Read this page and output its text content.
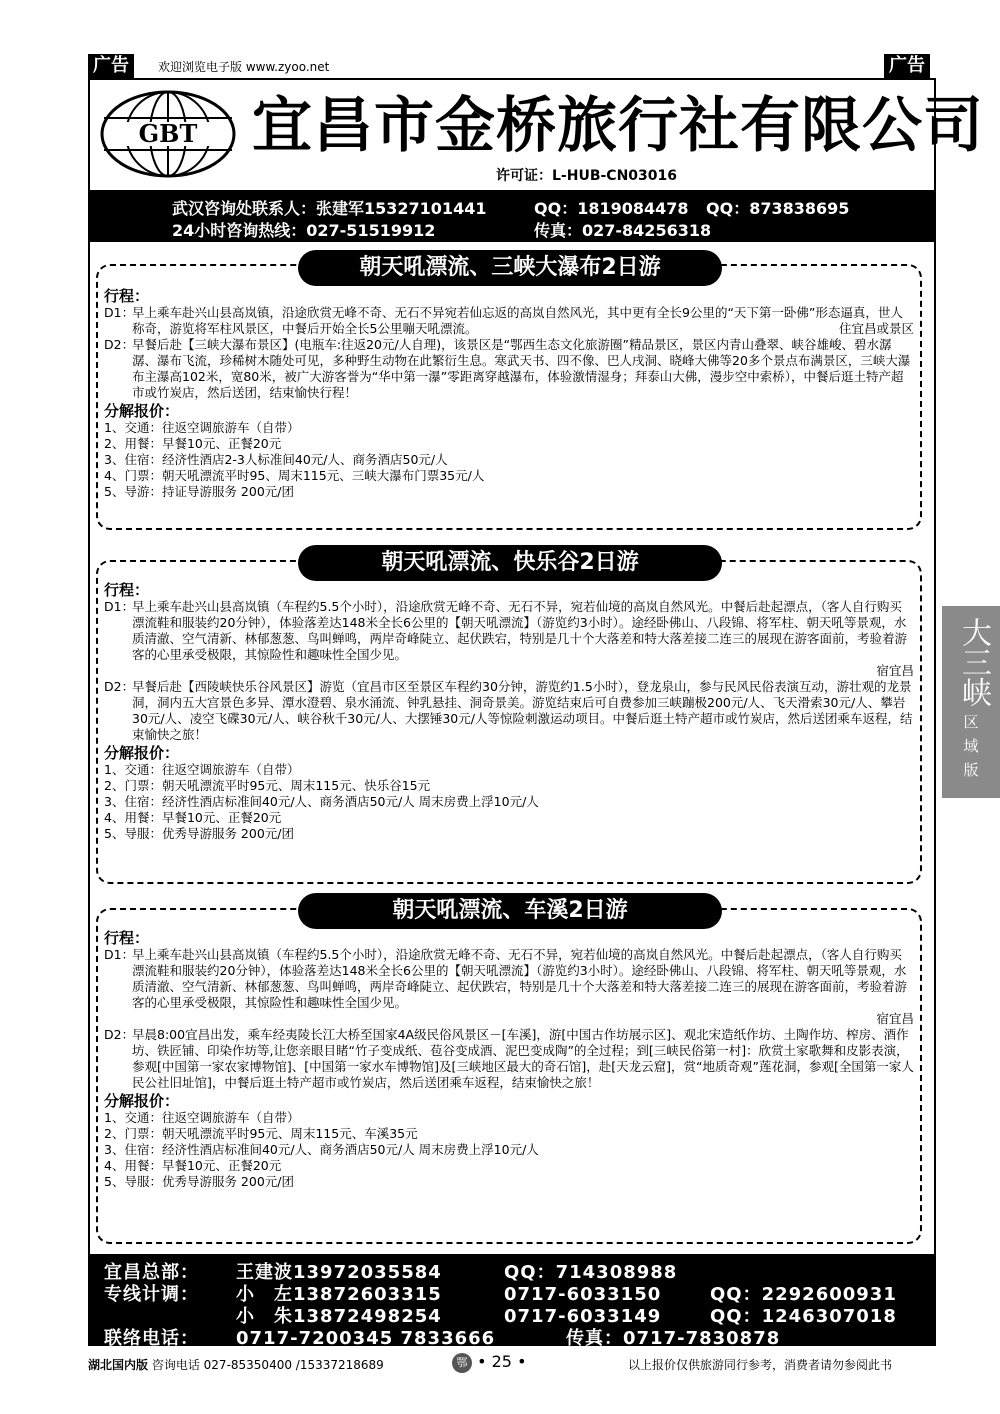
广告	欢迎浏览电子版 www.zyoo.net	广告
GBT 宜昌市金桥旅行社有限公司
许可证：L-HUB-CN03016
武汉咨询处联系人：张建军15327101441	QQ：1819084478 QQ：873838695
24小时咨询热线：027-51519912	传真：027-84256318
朝天吼漂流、三峡大瀑布2日游
行程：
D1：
早上乘车赴兴山县高岚镇，沿途欣赏无峰不奇、无石不异宛若仙忘返的高岚自然风光，其中更有全长9公里的“天下第一卧佛”形态逼真，世人称奇，游览将军柱风景区，中餐后开始全长5公里嘣天吼漂流。	住宜昌或景区
D2：
早餐后赴【三峡大瀑布景区】(电瓶车:往返20元/人自理)，该景区是“鄂西生态文化旅游圈”精品景区，景区内青山叠翠、峡谷雄峻、碧水潺潺、瀑布飞流，珍稀树木随处可见，多种野生动物在此繁衍生息。寒武天书、四不像、巴人戌洞、晓峰大佛等20多个景点布满景区，三峡大瀑布主瀑高102米，宽80米，被广大游客誉为“华中第一瀑”零距离穿越瀑布，体验激情湿身；拜泰山大佛，漫步空中索桥），中餐后逛土特产超市或竹炭店，然后送团，结束愉快行程！
分解报价：
1、交通：往返空调旅游车（自带）
2、用餐：早餐10元、正餐20元
3、住宿：经济性酒店2-3人标准间40元/人、商务酒店50元/人
4、门票：朝天吼漂流平时95、周末115元、三峡大瀑布门票35元/人
5、导游：持证导游服务 200元/团
朝天吼漂流、快乐谷2日游
行程：
D1：
早上乘车赴兴山县高岚镇（车程约5.5个小时），沿途欣赏无峰不奇、无石不异，宛若仙境的高岚自然风光。中餐后赴起漂点，（客人自行购买漂流鞋和服装约20分钟），体验落差达148米全长6公里的【朝天吼漂流】（游览约3小时）。途经卧佛山、八段锦、将军柱、朝天吼等景观，水质清澈、空气清新、林郁葱葱、鸟叫蝉鸣，两岸奇峰陡立、起伏跌宕，特别是几十个大落差和特大落差接二连三的展现在游客面前，考验着游客的心里承受极限，其惊险性和趣味性全国少见。
宿宜昌
D2：
早餐后赴【西陵峡快乐谷风景区】游览（宜昌市区至景区车程约30分钟，游览约1.5小时），登龙泉山，参与民风民俗表演互动，游壮观的龙景洞，洞内五大宫景色多异、潭水澄碧、泉水涌流、钟乳悬挂、洞奇景美。游览结束后可自费参加三峡蹦极200元/人、飞天滑索30元/人、攀岩30元/人、凌空飞碟30元/人、峡谷秋千30元/人、大摆锤30元/人等惊险刺激运动项目。中餐后逛土特产超市或竹炭店，然后送团乘车返程，结束愉快之旅！
分解报价：
1、交通：往返空调旅游车（自带）
2、门票：朝天吼漂流平时95元、周末115元、快乐谷15元
3、住宿：经济性酒店标准间40元/人、商务酒店50元/人 周末房费上浮10元/人
4、用餐：早餐10元、正餐20元
5、导服：优秀导游服务 200元/团
朝天吼漂流、车溪2日游
行程：
D1：
早上乘车赴兴山县高岚镇（车程约5.5个小时），沿途欣赏无峰不奇、无石不异，宛若仙境的高岚自然风光。中餐后赴起漂点，（客人自行购买漂流鞋和服装约20分钟），体验落差达148米全长6公里的【朝天吼漂流】（游览约3小时）。途经卧佛山、八段锦、将军柱、朝天吼等景观，水质清澈、空气清新、林郁葱葱、鸟叫蝉鸣，两岸奇峰陡立、起伏跌宕，特别是几十个大落差和特大落差接二连三的展现在游客面前，考验着游客的心里承受极限，其惊险性和趣味性全国少见。
宿宜昌
D2：
早晨8:00宜昌出发，乘车经夷陵长江大桥至国家4A级民俗风景区－[车溪]，游[中国古作坊展示区]、观北宋造纸作坊、土陶作坊、榨房、酒作坊、铁匠铺、印染作坊等,让您亲眼目睹“竹子变成纸、苞谷变成酒、泥巴变成陶”的全过程；到[三峡民俗第一村]：欣赏土家歌舞和皮影表演，参观[中国第一家农家博物馆]、[中国第一家水车博物馆]及[三峡地区最大的奇石馆]，赴[天龙云窟]，赏“地质奇观”莲花洞，参观[全国第一家人民公社旧址馆]，中餐后逛土特产超市或竹炭店，然后送团乘车返程，结束愉快之旅！
分解报价：
1、交通：往返空调旅游车（自带）
2、门票：朝天吼漂流平时95元、周末115元、车溪35元
3、住宿：经济性酒店标准间40元/人、商务酒店50元/人 周末房费上浮10元/人
4、用餐：早餐10元、正餐20元
5、导服：优秀导游服务 200元/团
大三峡
区
域
版
宜昌总部： 王建波13972035584	QQ：714308988
专线计调： 小　左13872603315	0717-6033150	QQ：2292600931
小　朱13872498254	0717-6033149	QQ：1246307018
联络电话： 0717-7200345 7833666	传真：0717-7830878
湖北国内版 咨询电话 027-85350400 /15337218689	鄂 • 25 •	以上报价仅供旅游同行参考，消费者请勿参阅此书
